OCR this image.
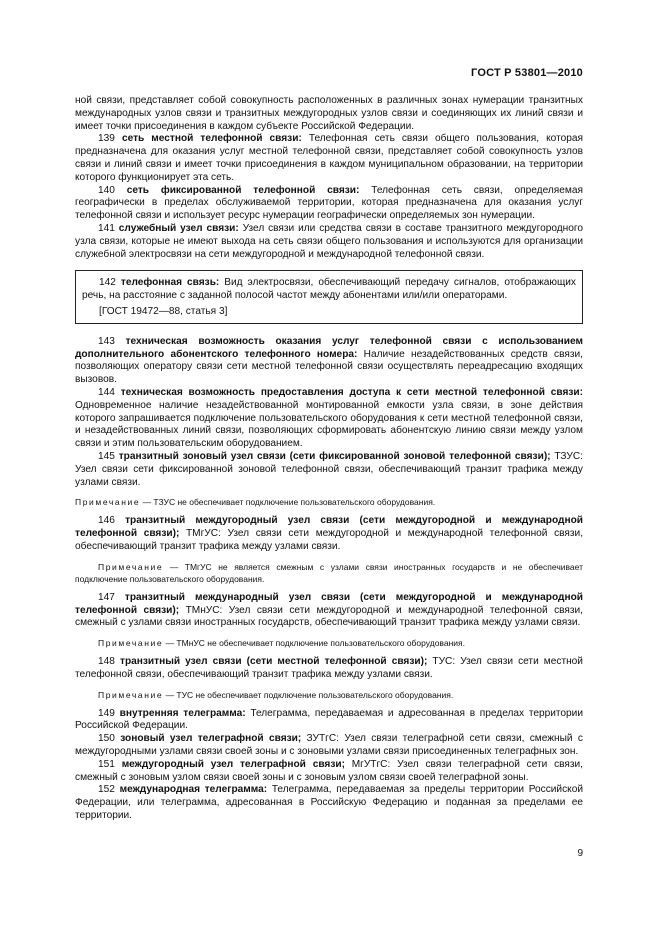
ГОСТ Р 53801—2010

ной связи, представляет собой совокупность расположенных в различных зонах нумерации транзитных международных узлов связи и транзитных междугородных узлов связи и соединяющих их линий связи и имеет точки присоединения в каждом субъекте Российской Федерации.

139 сеть местной телефонной связи: Телефонная сеть связи общего пользования, которая предназначена для оказания услуг местной телефонной связи, представляет собой совокупность узлов связи и линий связи и имеет точки присоединения в каждом муниципальном образовании, на территории которого функционирует эта сеть.

140 сеть фиксированной телефонной связи: Телефонная сеть связи, определяемая географически в пределах обслуживаемой территории, которая предназначена для оказания услуг телефонной связи и использует ресурс нумерации географически определяемых зон нумерации.

141 служебный узел связи: Узел связи или средства связи в составе транзитного междугородного узла связи, которые не имеют выхода на сеть связи общего пользования и используются для организации служебной электросвязи на сети междугородной и международной телефонной связи.

142 телефонная связь: Вид электросвязи, обеспечивающий передачу сигналов, отображающих речь, на расстояние с заданной полосой частот между абонентами или/или операторами.

[ГОСТ 19472—88, статья 3]

143 техническая возможность оказания услуг телефонной связи с использованием дополнительного абонентского телефонного номера: Наличие незадействованных средств связи, позволяющих оператору связи сети местной телефонной связи осуществлять переадресацию входящих вызовов.

144 техническая возможность предоставления доступа к сети местной телефонной связи: Одновременное наличие незадействованной монтированной емкости узла связи, в зоне действия которого запрашивается подключение пользовательского оборудования к сети местной телефонной связи, и незадействованных линий связи, позволяющих сформировать абонентскую линию связи между узлом связи и этим пользовательским оборудованием.

145 транзитный зоновый узел связи (сети фиксированной зоновой телефонной связи); ТЗУС: Узел связи сети фиксированной зоновой телефонной связи, обеспечивающий транзит трафика между узлами связи.

Примечание — ТЗУС не обеспечивает подключение пользовательского оборудования.

146 транзитный междугородный узел связи (сети междугородной и международной телефонной связи); ТМгУС: Узел связи сети междугородной и международной телефонной связи, обеспечивающий транзит трафика между узлами связи.

Примечание — ТМгУС не является смежным с узлами связи иностранных государств и не обеспечивает подключение пользовательского оборудования.

147 транзитный международный узел связи (сети междугородной и международной телефонной связи); ТМнУС: Узел связи сети междугородной и международной телефонной связи, смежный с узлами связи иностранных государств, обеспечивающий транзит трафика между узлами связи.

Примечание — ТМнУС не обеспечивает подключение пользовательского оборудования.

148 транзитный узел связи (сети местной телефонной связи); ТУС: Узел связи сети местной телефонной связи, обеспечивающий транзит трафика между узлами связи.

Примечание — ТУС не обеспечивает подключение пользовательского оборудования.

149 внутренняя телеграмма: Телеграмма, передаваемая и адресованная в пределах территории Российской Федерации.

150 зоновый узел телеграфной связи; ЗУТгС: Узел связи телеграфной сети связи, смежный с междугородными узлами связи своей зоны и с зоновыми узлами связи присоединенных телеграфных зон.

151 междугородный узел телеграфной связи; МгУТгС: Узел связи телеграфной сети связи, смежный с зоновым узлом связи своей зоны и с зоновым узлом связи своей телеграфной зоны.

152 международная телеграмма: Телеграмма, передаваемая за пределы территории Российской Федерации, или телеграмма, адресованная в Российскую Федерацию и поданная за пределами ее территории.

9
